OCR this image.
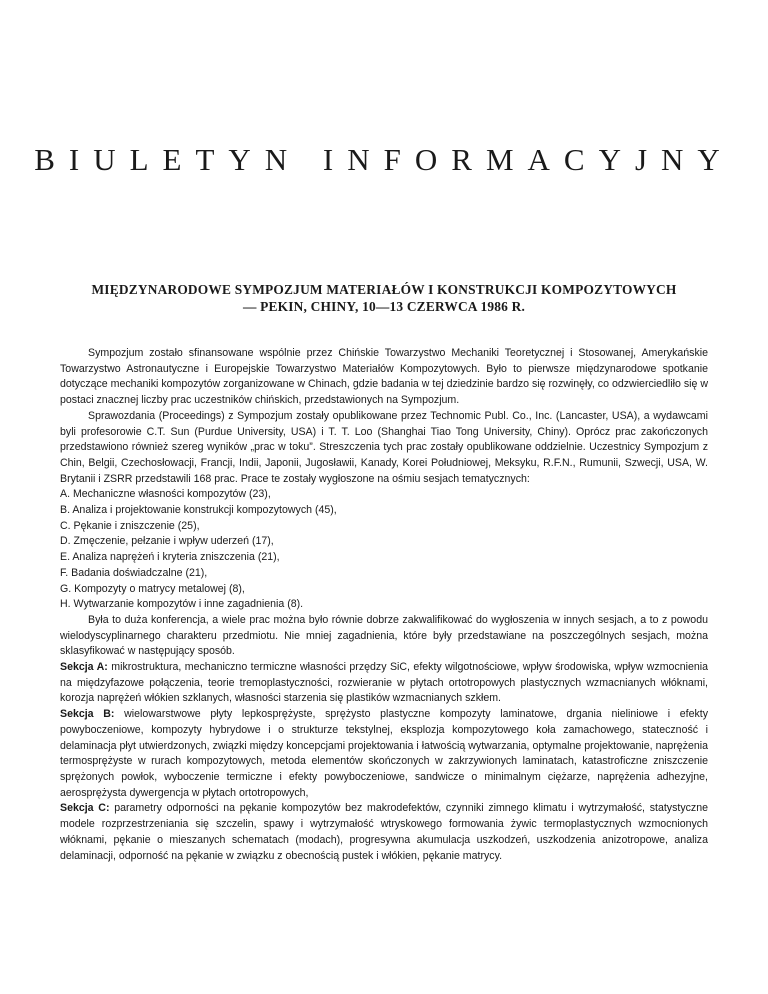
BIULETYN INFORMACYJNY
MIĘDZYNARODOWE SYMPOZJUM MATERIAŁÓW I KONSTRUKCJI KOMPOZYTOWYCH
— PEKIN, CHINY, 10—13 CZERWCA 1986 R.

Sympozjum zostało sfinansowane wspólnie przez Chińskie Towarzystwo Mechaniki Teoretycznej i Stosowanej, Amerykańskie Towarzystwo Astronautyczne i Europejskie Towarzystwo Materiałów Kompozytowych. Było to pierwsze międzynarodowe spotkanie dotyczące mechaniki kompozytów zorganizowane w Chinach, gdzie badania w tej dziedzinie bardzo się rozwinęły, co odzwierciedliło się w postaci znacznej liczby prac uczestników chińskich, przedstawionych na Sympozjum.

Sprawozdania (Proceedings) z Sympozjum zostały opublikowane przez Technomic Publ. Co., Inc. (Lancaster, USA), a wydawcami byli profesorowie C.T. Sun (Purdue University, USA) i T. T. Loo (Shanghai Tiao Tong University, Chiny). Oprócz prac zakończonych przedstawiono również szereg wyników „prac w toku”. Streszczenia tych prac zostały opublikowane oddzielnie. Uczestnicy Sympozjum z Chin, Belgii, Czechosłowacji, Francji, Indii, Japonii, Jugosławii, Kanady, Korei Południowej, Meksyku, R.F.N., Rumunii, Szwecji, USA, W. Brytanii i ZSRR przedstawili 168 prac. Prace te zostały wygłoszone na ośmiu sesjach tematycznych:

A. Mechaniczne własności kompozytów (23),

B. Analiza i projektowanie konstrukcji kompozytowych (45),

C. Pękanie i zniszczenie (25),

D. Zmęczenie, pełzanie i wpływ uderzeń (17),

E. Analiza naprężeń i kryteria zniszczenia (21),

F. Badania doświadczalne (21),

G. Kompozyty o matrycy metalowej (8),

H. Wytwarzanie kompozytów i inne zagadnienia (8).

Była to duża konferencja, a wiele prac można było równie dobrze zakwalifikować do wygłoszenia w innych sesjach, a to z powodu wielodyscyplinarnego charakteru przedmiotu. Nie mniej zagadnienia, które były przedstawiane na poszczególnych sesjach, można sklasyfikować w następujący sposób.

Sekcja A: mikrostruktura, mechaniczno termiczne własności przędzy SiC, efekty wilgotnościowe, wpływ środowiska, wpływ wzmocnienia na międzyfazowe połączenia, teorie tremoplastyczności, rozwieranie w płytach ortotropowych plastycznych wzmacnianych włóknami, korozja naprężeń włókien szklanych, własności starzenia się plastików wzmacnianych szkłem.

Sekcja B: wielowarstwowe płyty lepkosprężyste, sprężysto plastyczne kompozyty laminatowe, drgania nieliniowe i efekty powyboczeniowe, kompozyty hybrydowe i o strukturze tekstylnej, eksplozja kompozytowego koła zamachowego, stateczność i delaminacja płyt utwierdzonych, związki między koncepcjami projektowania i łatwością wytwarzania, optymalne projektowanie, naprężenia termosprężyste w rurach kompozytowych, metoda elementów skończonych w zakrzywionych laminatach, katastroficzne zniszczenie sprężonych powłok, wyboczenie termiczne i efekty powyboczeniowe, sandwicze o minimalnym ciężarze, naprężenia adhezyjne, aerosprężysta dywergencja w płytach ortotropowych,

Sekcja C: parametry odporności na pękanie kompozytów bez makrodefektów, czynniki zimnego klimatu i wytrzymałość, statystyczne modele rozprzestrzeniania się szczelin, spawy i wytrzymałość wtryskowego formowania żywic termoplastycznych wzmocnionych włóknami, pękanie o mieszanych schematach (modach), progresywna akumulacja uszkodzeń, uszkodzenia anizotropowe, analiza delaminacji, odporność na pękanie w związku z obecnością pustek i włókien, pękanie matrycy.
